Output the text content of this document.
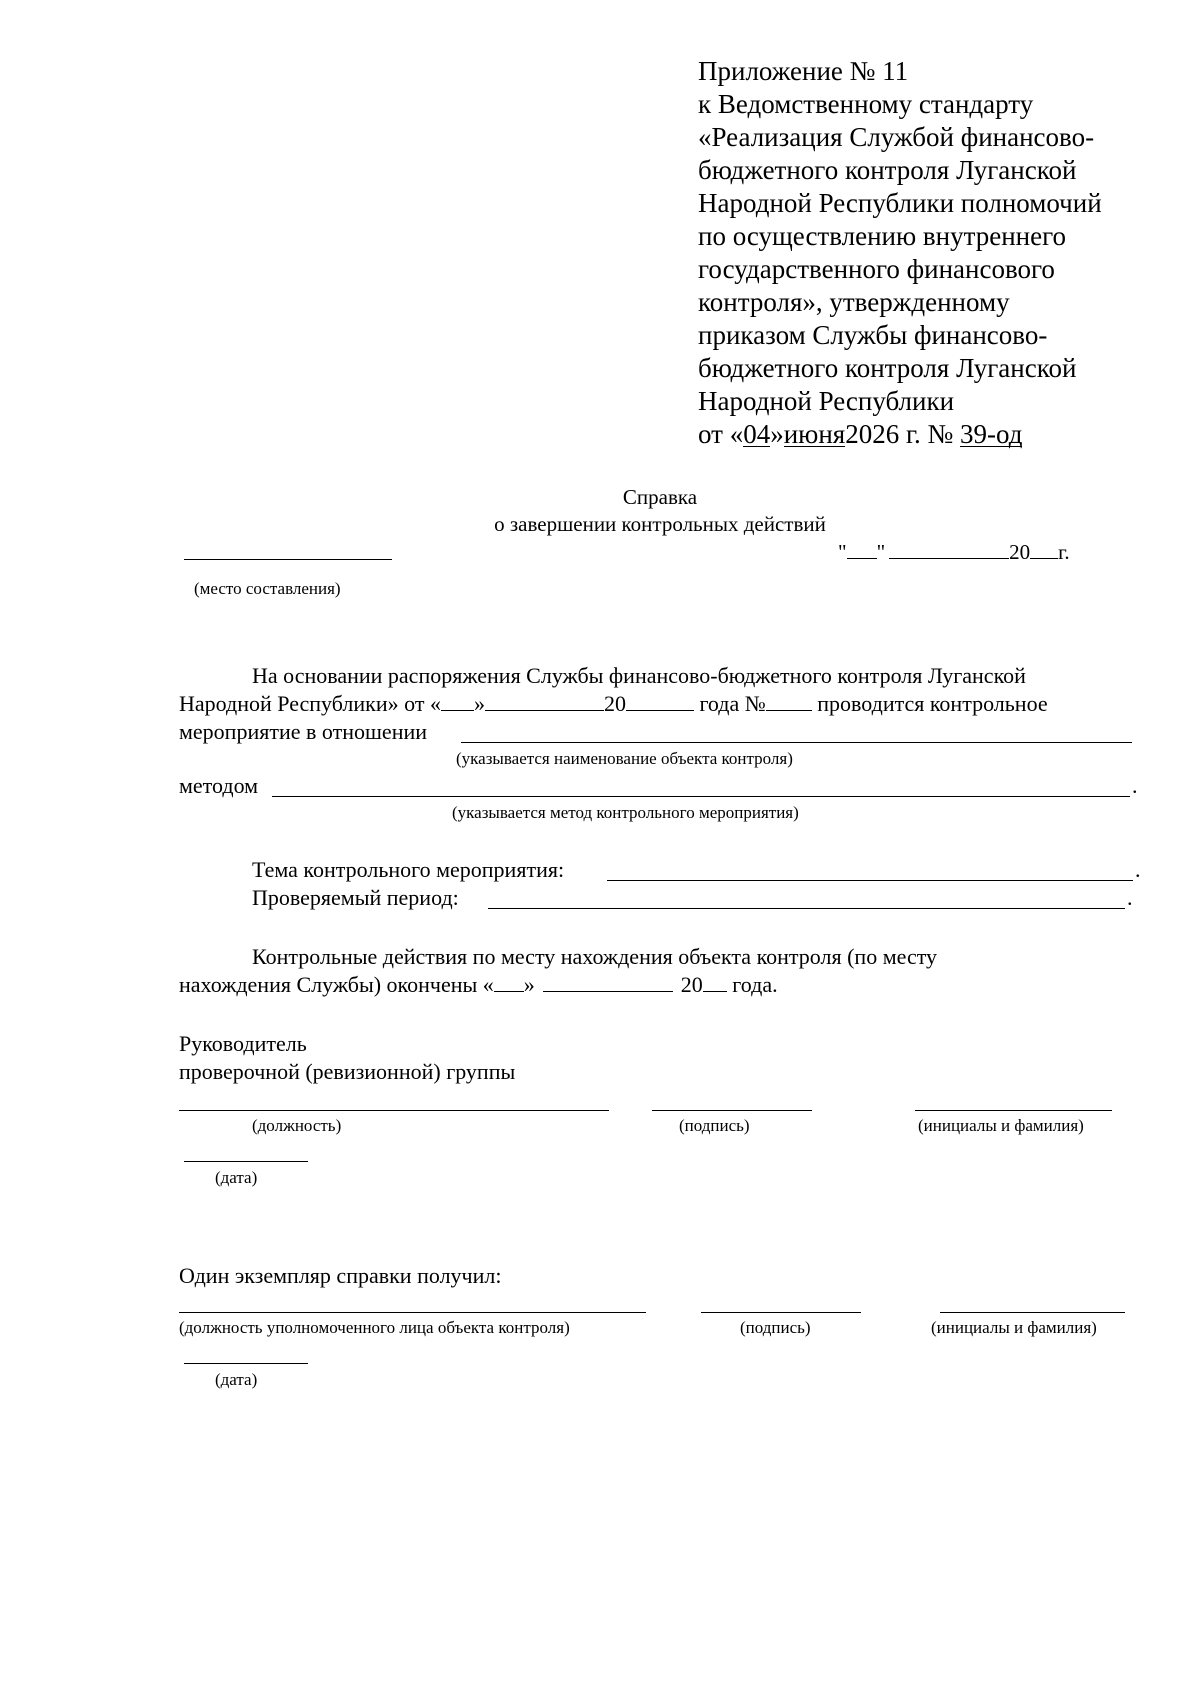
Приложение № 11
к Ведомственному стандарту
«Реализация Службой финансово-
бюджетного контроля Луганской
Народной Республики полномочий
по осуществлению внутреннего
государственного финансового
контроля», утвержденному
приказом Службы финансово-
бюджетного контроля Луганской
Народной Республики
от «04»июня2026 г. № 39-од
Справка
о завершении контрольных действий
" "	20 г.
(место составления)
На основании распоряжения Службы финансово-бюджетного контроля Луганской
Народной Республики» от « »	20	года № проводится контрольное
мероприятие в отношении
(указывается наименование объекта контроля)
методом	.
(указывается метод контрольного мероприятия)
Тема контрольного мероприятия:	.
Проверяемый период:	.
Контрольные действия по месту нахождения объекта контроля (по месту
нахождения Службы) окончены « »	20 года.
Руководитель
проверочной (ревизионной) группы
(должность)	(подпись)	(инициалы и фамилия)
(дата)
Один экземпляр справки получил:
(должность уполномоченного лица объекта контроля)	(подпись)	(инициалы и фамилия)
(дата)
